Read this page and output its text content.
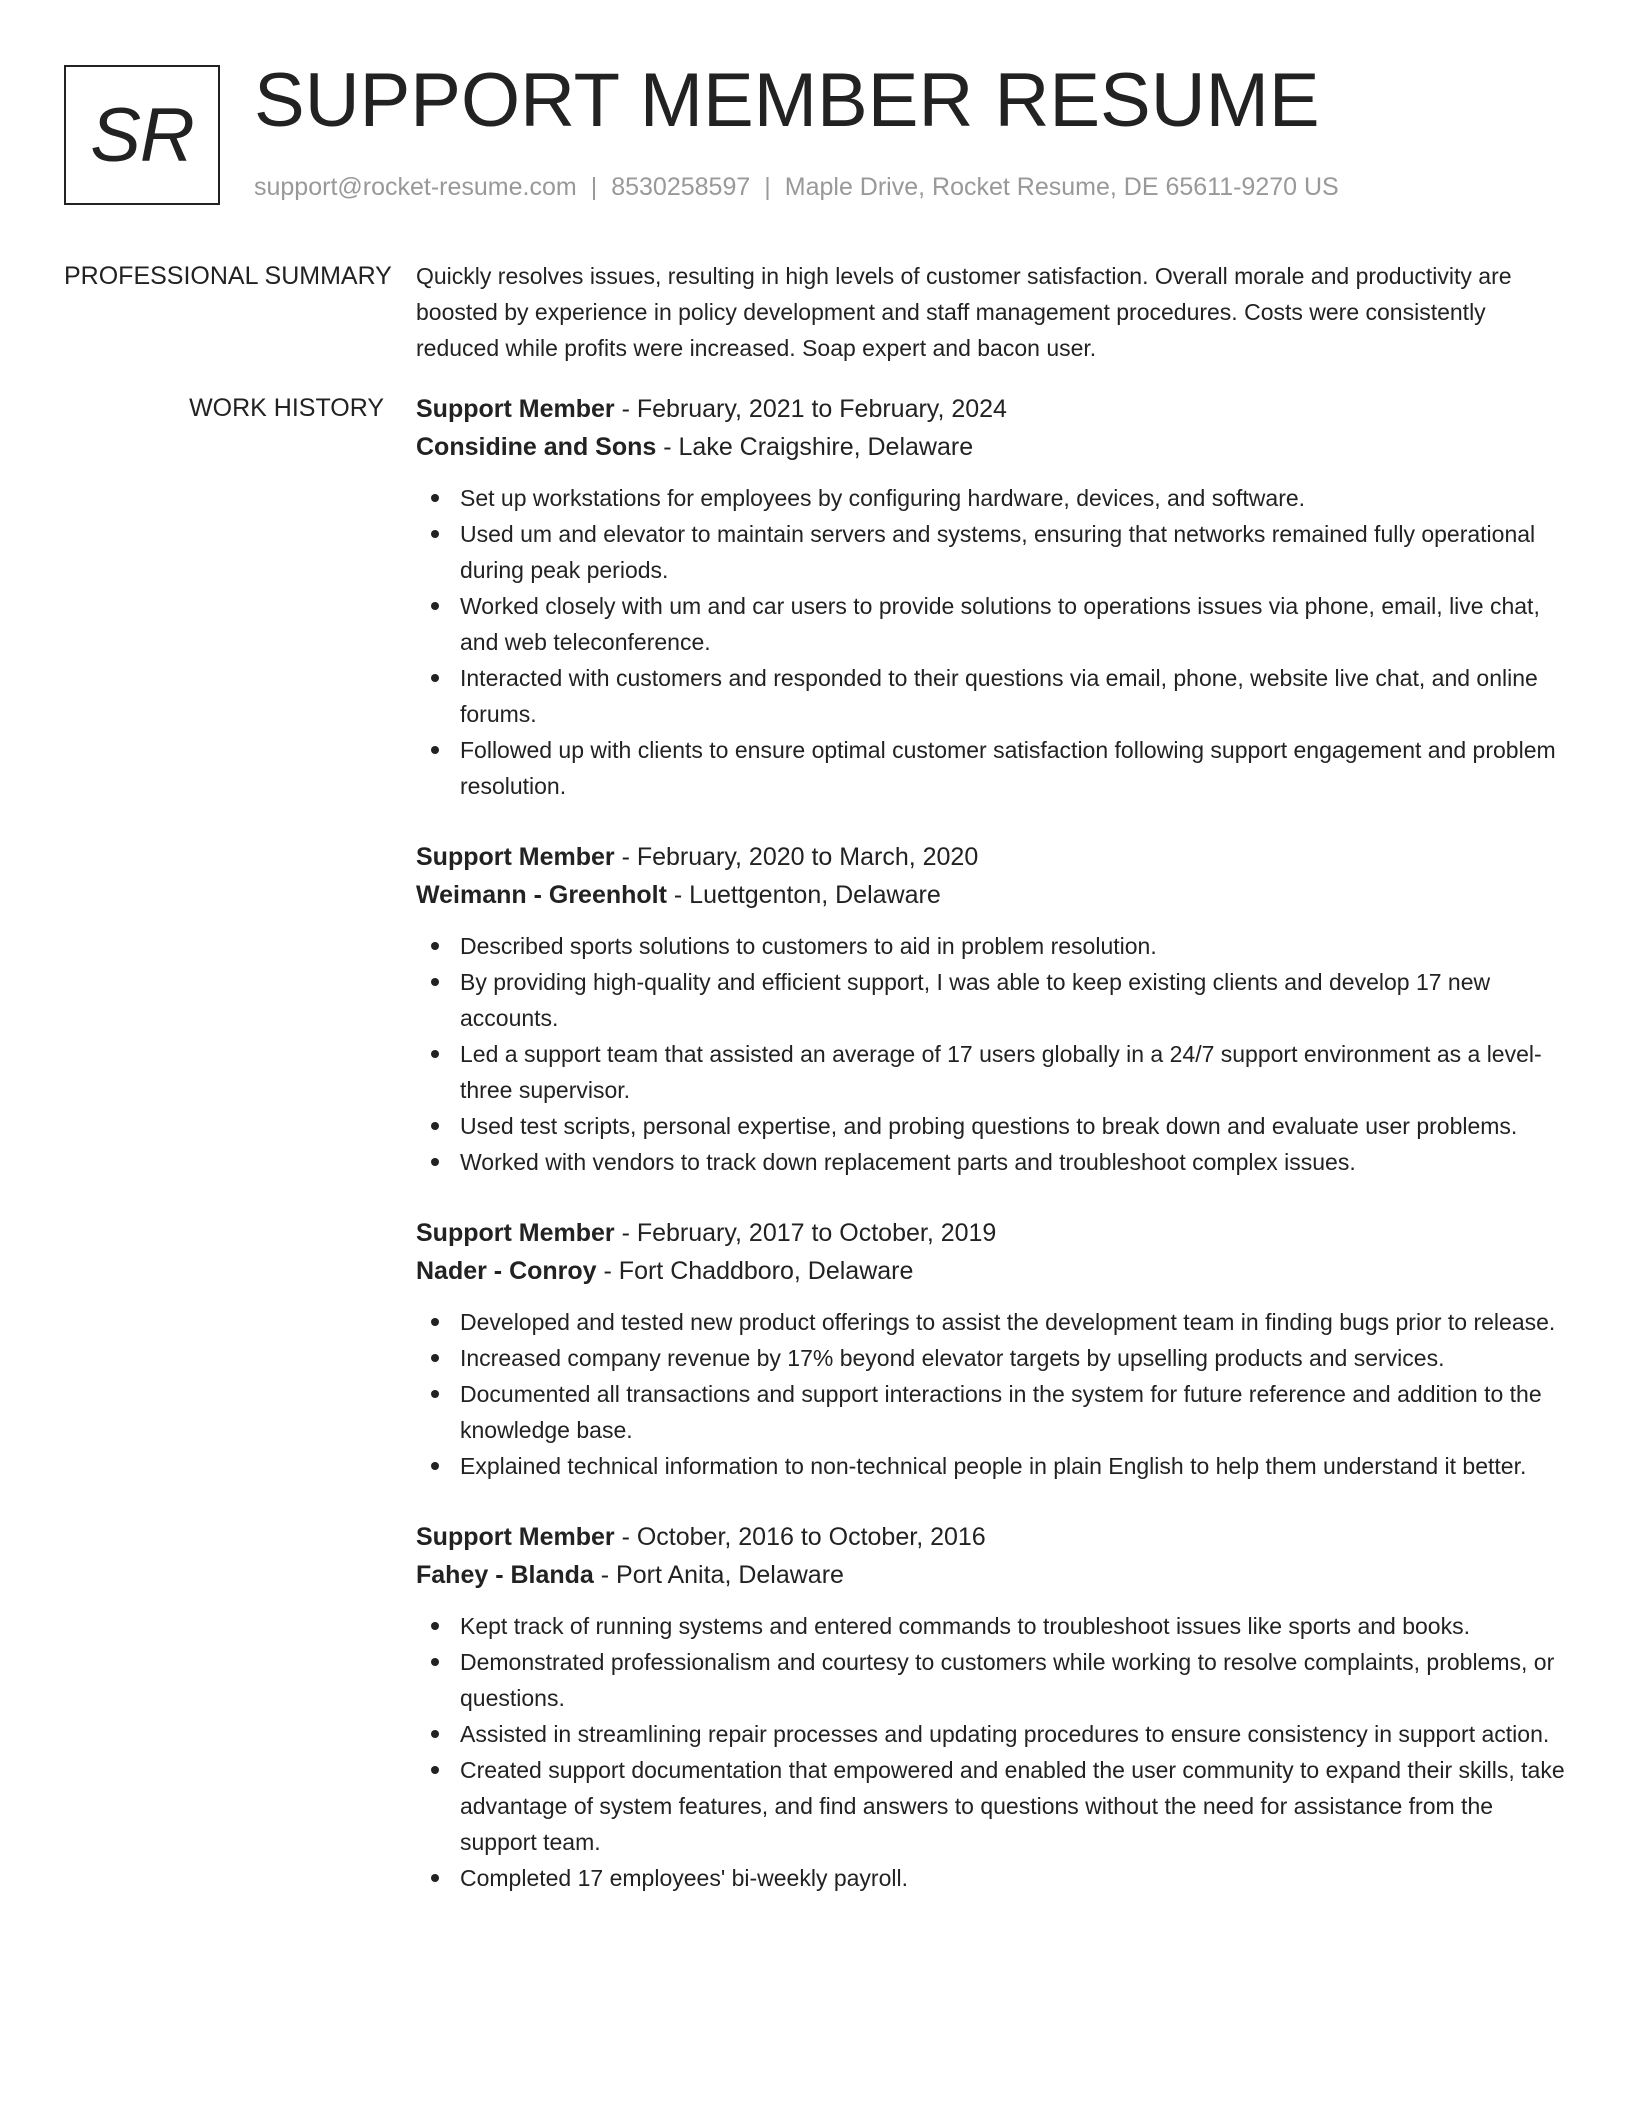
SR SUPPORT MEMBER RESUME
support@rocket-resume.com | 8530258597 | Maple Drive, Rocket Resume, DE 65611-9270 US
PROFESSIONAL SUMMARY	Quickly resolves issues, resulting in high levels of customer satisfaction. Overall morale and productivity are boosted by experience in policy development and staff management procedures. Costs were consistently reduced while profits were increased. Soap expert and bacon user.

WORK HISTORY	Support Member - February, 2021 to February, 2024
Considine and Sons - Lake Craigshire, Delaware
Set up workstations for employees by configuring hardware, devices, and software.
Used um and elevator to maintain servers and systems, ensuring that networks remained fully operational during peak periods.
Worked closely with um and car users to provide solutions to operations issues via phone, email, live chat, and web teleconference.
Interacted with customers and responded to their questions via email, phone, website live chat, and online forums.
Followed up with clients to ensure optimal customer satisfaction following support engagement and problem resolution.
Support Member - February, 2020 to March, 2020
Weimann - Greenholt - Luettgenton, Delaware
Described sports solutions to customers to aid in problem resolution.
By providing high-quality and efficient support, I was able to keep existing clients and develop 17 new accounts.
Led a support team that assisted an average of 17 users globally in a 24/7 support environment as a level-three supervisor.
Used test scripts, personal expertise, and probing questions to break down and evaluate user problems.
Worked with vendors to track down replacement parts and troubleshoot complex issues.
Support Member - February, 2017 to October, 2019
Nader - Conroy - Fort Chaddboro, Delaware
Developed and tested new product offerings to assist the development team in finding bugs prior to release.
Increased company revenue by 17% beyond elevator targets by upselling products and services.
Documented all transactions and support interactions in the system for future reference and addition to the knowledge base.
Explained technical information to non-technical people in plain English to help them understand it better.
Support Member - October, 2016 to October, 2016
Fahey - Blanda - Port Anita, Delaware
Kept track of running systems and entered commands to troubleshoot issues like sports and books.
Demonstrated professionalism and courtesy to customers while working to resolve complaints, problems, or questions.
Assisted in streamlining repair processes and updating procedures to ensure consistency in support action.
Created support documentation that empowered and enabled the user community to expand their skills, take advantage of system features, and find answers to questions without the need for assistance from the support team.
Completed 17 employees' bi-weekly payroll.
